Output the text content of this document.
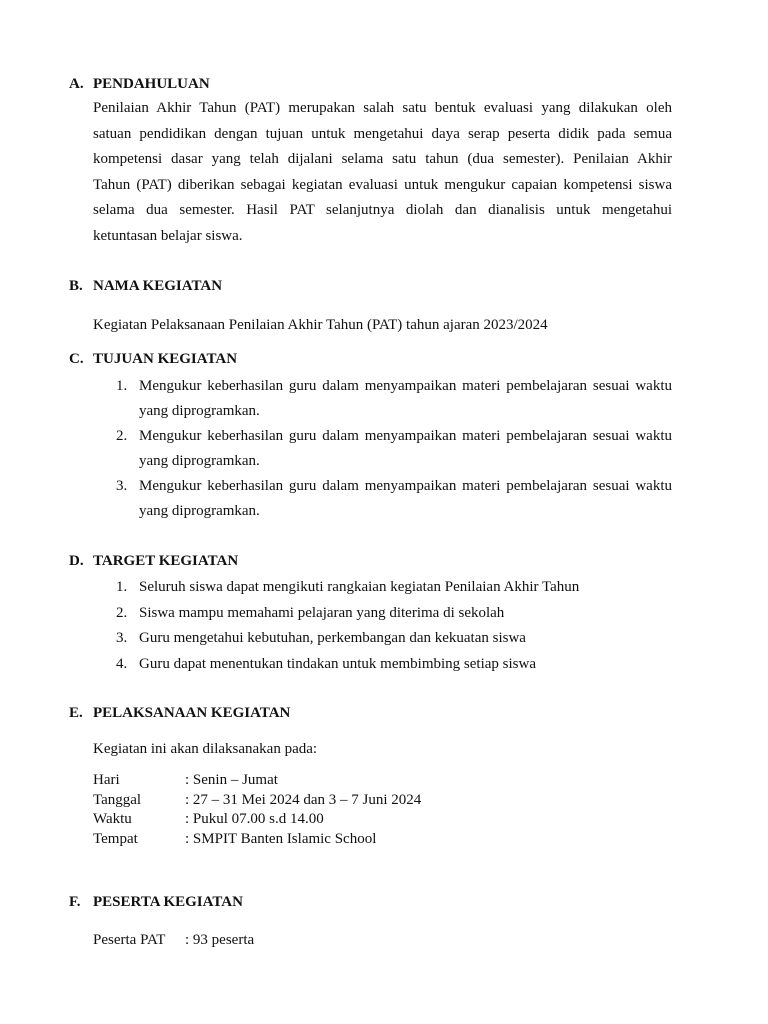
A. PENDAHULUAN
Penilaian Akhir Tahun (PAT) merupakan salah satu bentuk evaluasi yang dilakukan oleh
satuan pendidikan dengan tujuan untuk mengetahui daya serap peserta didik pada semua
kompetensi dasar yang telah dijalani selama satu tahun (dua semester). Penilaian Akhir
Tahun (PAT) diberikan sebagai kegiatan evaluasi untuk mengukur capaian kompetensi siswa
selama dua semester. Hasil PAT selanjutnya diolah dan dianalisis untuk mengetahui
ketuntasan belajar siswa.
B. NAMA KEGIATAN
Kegiatan Pelaksanaan Penilaian Akhir Tahun (PAT) tahun ajaran 2023/2024
C. TUJUAN KEGIATAN
1. Mengukur keberhasilan guru dalam menyampaikan materi pembelajaran sesuai waktu yang diprogramkan.
2. Mengukur keberhasilan guru dalam menyampaikan materi pembelajaran sesuai waktu yang diprogramkan.
3. Mengukur keberhasilan guru dalam menyampaikan materi pembelajaran sesuai waktu yang diprogramkan.
D. TARGET KEGIATAN
1. Seluruh siswa dapat mengikuti rangkaian kegiatan Penilaian Akhir Tahun
2. Siswa mampu memahami pelajaran yang diterima di sekolah
3. Guru mengetahui kebutuhan, perkembangan dan kekuatan siswa
4. Guru dapat menentukan tindakan untuk membimbing setiap siswa
E. PELAKSANAAN KEGIATAN
Kegiatan ini akan dilaksanakan pada:
Hari	: Senin – Jumat
Tanggal	: 27 – 31 Mei 2024 dan 3 – 7 Juni 2024
Waktu	: Pukul 07.00 s.d 14.00
Tempat	: SMPIT Banten Islamic School
F. PESERTA KEGIATAN
Peserta PAT	: 93 peserta
